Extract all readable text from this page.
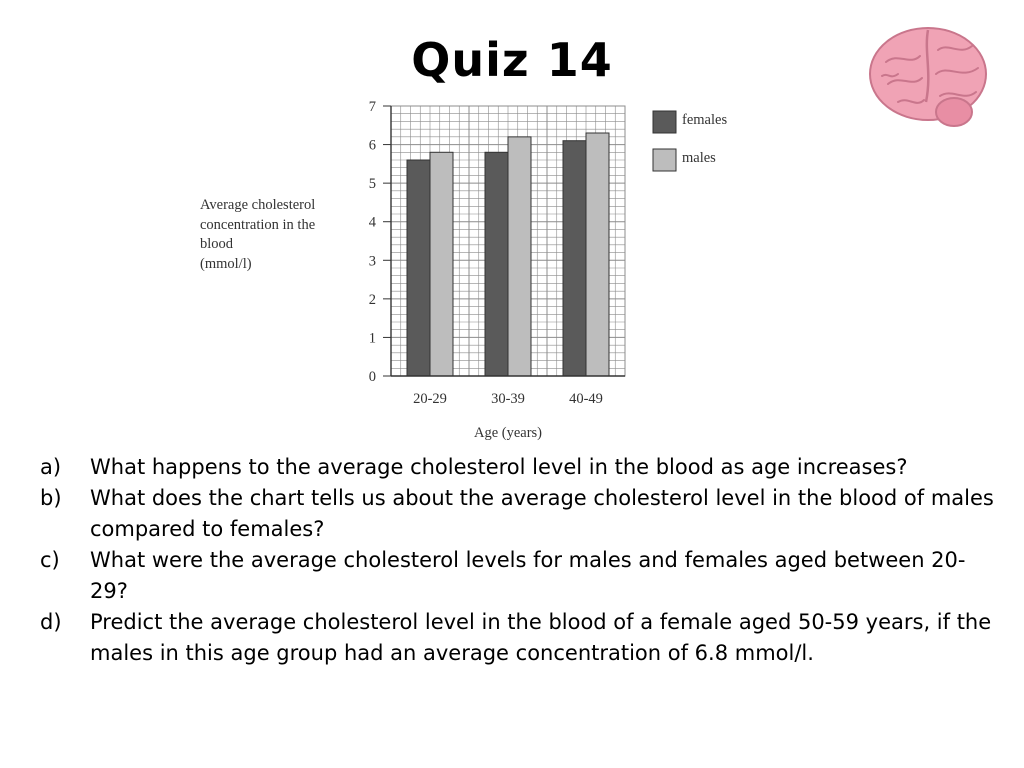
Quiz 14
20-29	30-39	40-49
0
1
2
3
4
5
6
7
Age (years)
females
males
Average cholesterol
concentration in the
blood
(mmol/l)
a) What happens to the average cholesterol level in the blood as age increases?
b) What does the chart tells us about the average cholesterol level in the blood of males compared to females?
c) What were the average cholesterol levels for males and females aged between 20-29?
d) Predict the average cholesterol level in the blood of a female aged 50-59 years, if the males in this age group had an average concentration of 6.8 mmol/l.
